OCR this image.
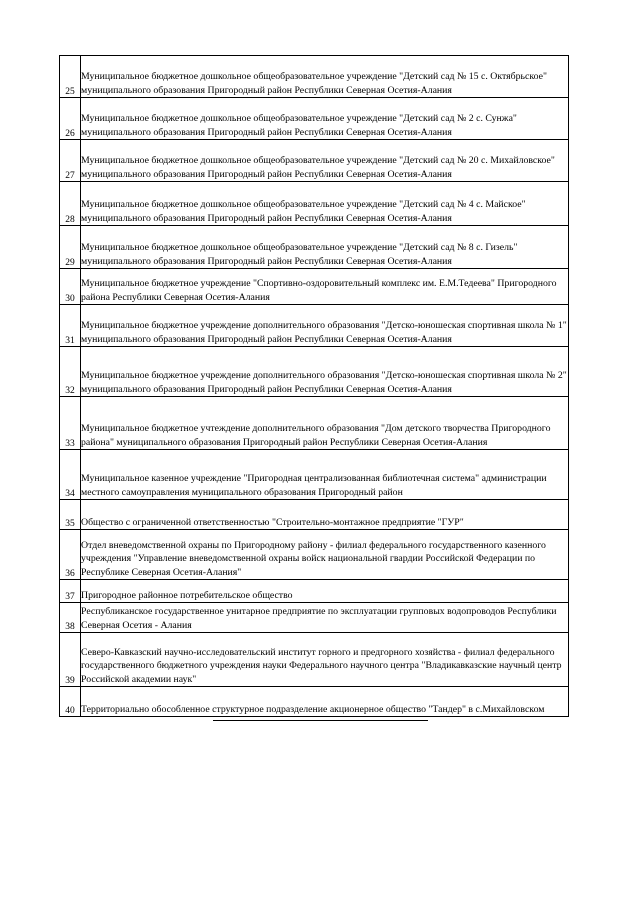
25	Муниципальное бюджетное дошкольное общеобразовательное учреждение "Детский сад № 15 с. Октябрьское" муниципального образования Пригородный район Республики Северная Осетия-Алания
26	Муниципальное бюджетное дошкольное общеобразовательное учреждение "Детский сад № 2 с. Сунжа" муниципального образования Пригородный район Республики Северная Осетия-Алания
27	Муниципальное бюджетное дошкольное общеобразовательное учреждение "Детский сад № 20 с. Михайловское" муниципального образования Пригородный район Республики Северная Осетия-Алания
28	Муниципальное бюджетное дошкольное общеобразовательное учреждение "Детский сад № 4 с. Майское" муниципального образования Пригородный район Республики Северная Осетия-Алания
29	Муниципальное бюджетное дошкольное общеобразовательное учреждение "Детский сад № 8 с. Гизель" муниципального образования Пригородный район Республики Северная Осетия-Алания
30	Муниципальное бюджетное учреждение "Спортивно-оздоровительный комплекс им. Е.М.Тедеева" Пригородного района Республики Северная Осетия-Алания
31	Муниципальное бюджетное учреждение дополнительного образования "Детско-юношеская спортивная школа № 1" муниципального образования Пригородный район Республики Северная Осетия-Алания
32	Муниципальное бюджетное учреждение дополнительного образования "Детско-юношеская спортивная школа № 2" муниципального образования Пригородный район Республики Северная Осетия-Алания
33	Муниципальное бюджетное учтеждение дополнительного образования "Дом детского творчества Пригородного района" муниципального образования Пригородный район Республики Северная Осетия-Алания
34	Муниципальное казенное учреждение "Пригородная централизованная библиотечная система" администрации местного самоуправления муниципального образования Пригородный район
35	Общество с ограниченной ответственностью "Строительно-монтажное предприятие "ГУР"
36	Отдел вневедомственной охраны по Пригородному району - филиал федерального государственного казенного учреждения "Управление вневедомственной охраны войск национальной гвардии Российской Федерации по Республике Северная Осетия-Алания"
37	Пригородное районное потребительское общество
38	Республиканское государственное унитарное предприятие по эксплуатации групповых водопроводов Республики Северная Осетия - Алания
39	Северо-Кавказский научно-исследовательский институт горного и предгорного хозяйства - филиал федерального государственного бюджетного учреждения науки Федерального научного центра "Владикавказские научный центр Российской академии наук"
40	Территориально обособленное структурное подразделение акционерное общество "Тандер" в с.Михайловском
